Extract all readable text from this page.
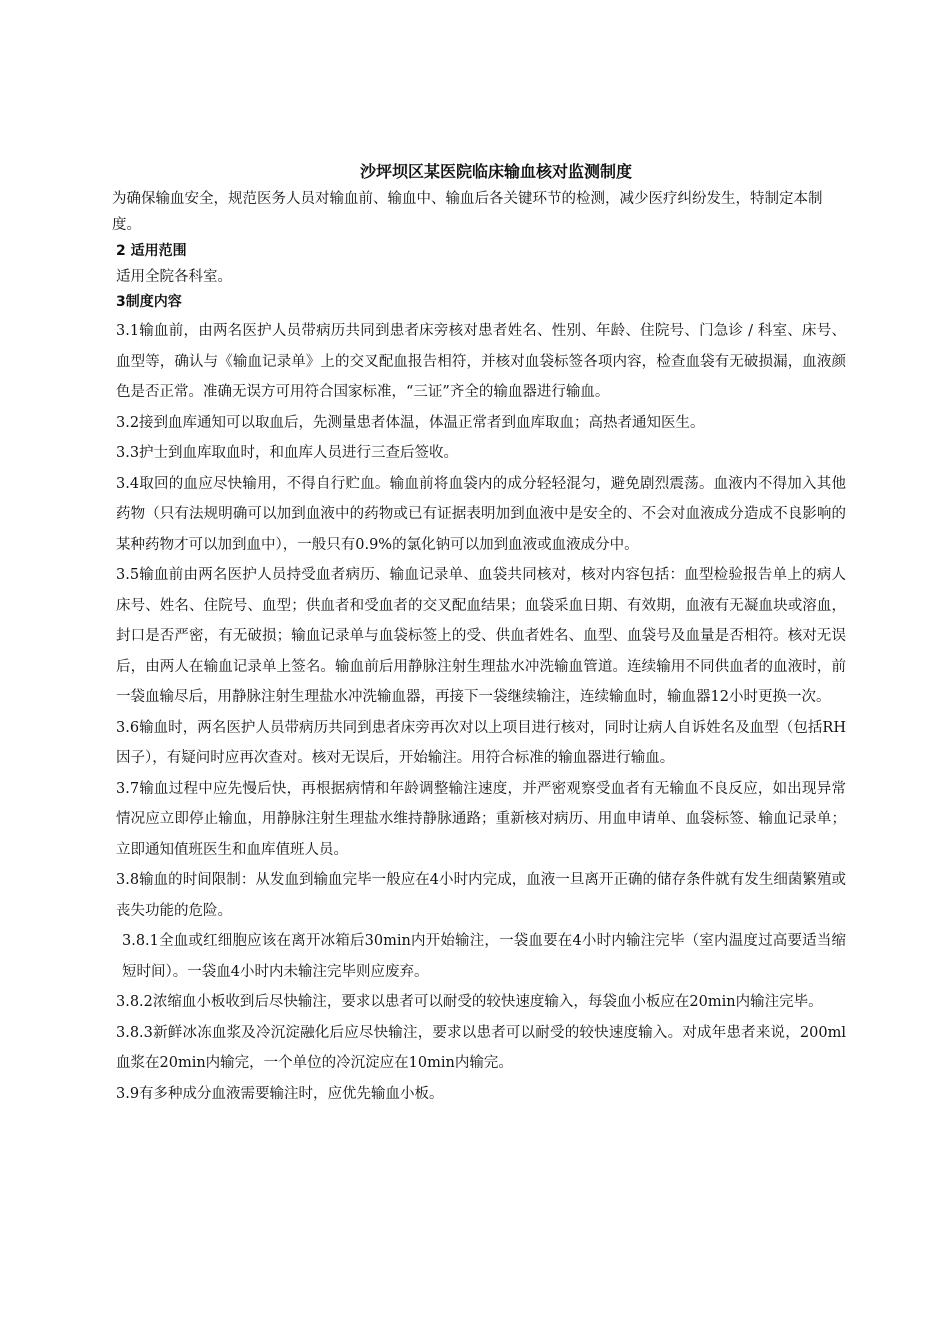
沙坪坝区某医院临床输血核对监测制度
为确保输血安全，规范医务人员对输血前、输血中、输血后各关键环节的检测，减少医疗纠纷发生，特制定本制度。
2 适用范围
适用全院各科室。
3制度内容

3.1输血前，由两名医护人员带病历共同到患者床旁核对患者姓名、性别、年龄、住院号、门急诊 / 科室、床号、血型等，确认与《输血记录单》上的交叉配血报告相符，并核对血袋标签各项内容，检查血袋有无破损漏，血液颜色是否正常。准确无误方可用符合国家标准，“三证”齐全的输血器进行输血。

3.2接到血库通知可以取血后，先测量患者体温，体温正常者到血库取血；高热者通知医生。

3.3护士到血库取血时，和血库人员进行三查后签收。

3.4取回的血应尽快输用，不得自行贮血。输血前将血袋内的成分轻轻混匀，避免剧烈震荡。血液内不得加入其他药物（只有法规明确可以加到血液中的药物或已有证据表明加到血液中是安全的、不会对血液成分造成不良影响的某种药物才可以加到血中），一般只有0.9%的氯化钠可以加到血液或血液成分中。

3.5输血前由两名医护人员持受血者病历、输血记录单、血袋共同核对，核对内容包括：血型检验报告单上的病人床号、姓名、住院号、血型；供血者和受血者的交叉配血结果；血袋采血日期、有效期，血液有无凝血块或溶血，封口是否严密，有无破损；输血记录单与血袋标签上的受、供血者姓名、血型、血袋号及血量是否相符。核对无误后，由两人在输血记录单上签名。输血前后用静脉注射生理盐水冲洗输血管道。连续输用不同供血者的血液时，前一袋血输尽后，用静脉注射生理盐水冲洗输血器，再接下一袋继续输注，连续输血时，输血器12小时更换一次。

3.6输血时，两名医护人员带病历共同到患者床旁再次对以上项目进行核对，同时让病人自诉姓名及血型（包括RH因子），有疑问时应再次查对。核对无误后，开始输注。用符合标准的输血器进行输血。

3.7输血过程中应先慢后快，再根据病情和年龄调整输注速度，并严密观察受血者有无输血不良反应，如出现异常情况应立即停止输血，用静脉注射生理盐水维持静脉通路；重新核对病历、用血申请单、血袋标签、输血记录单；立即通知值班医生和血库值班人员。

3.8输血的时间限制：从发血到输血完毕一般应在4小时内完成，血液一旦离开正确的储存条件就有发生细菌繁殖或丧失功能的危险。

3.8.1全血或红细胞应该在离开冰箱后30min内开始输注，一袋血要在4小时内输注完毕（室内温度过高要适当缩短时间）。一袋血4小时内未输注完毕则应废弃。

3.8.2浓缩血小板收到后尽快输注，要求以患者可以耐受的较快速度输入，每袋血小板应在20min内输注完毕。

3.8.3新鲜冰冻血浆及冷沉淀融化后应尽快输注，要求以患者可以耐受的较快速度输入。对成年患者来说，200ml血浆在20min内输完，一个单位的冷沉淀应在10min内输完。

3.9有多种成分血液需要输注时，应优先输血小板。
